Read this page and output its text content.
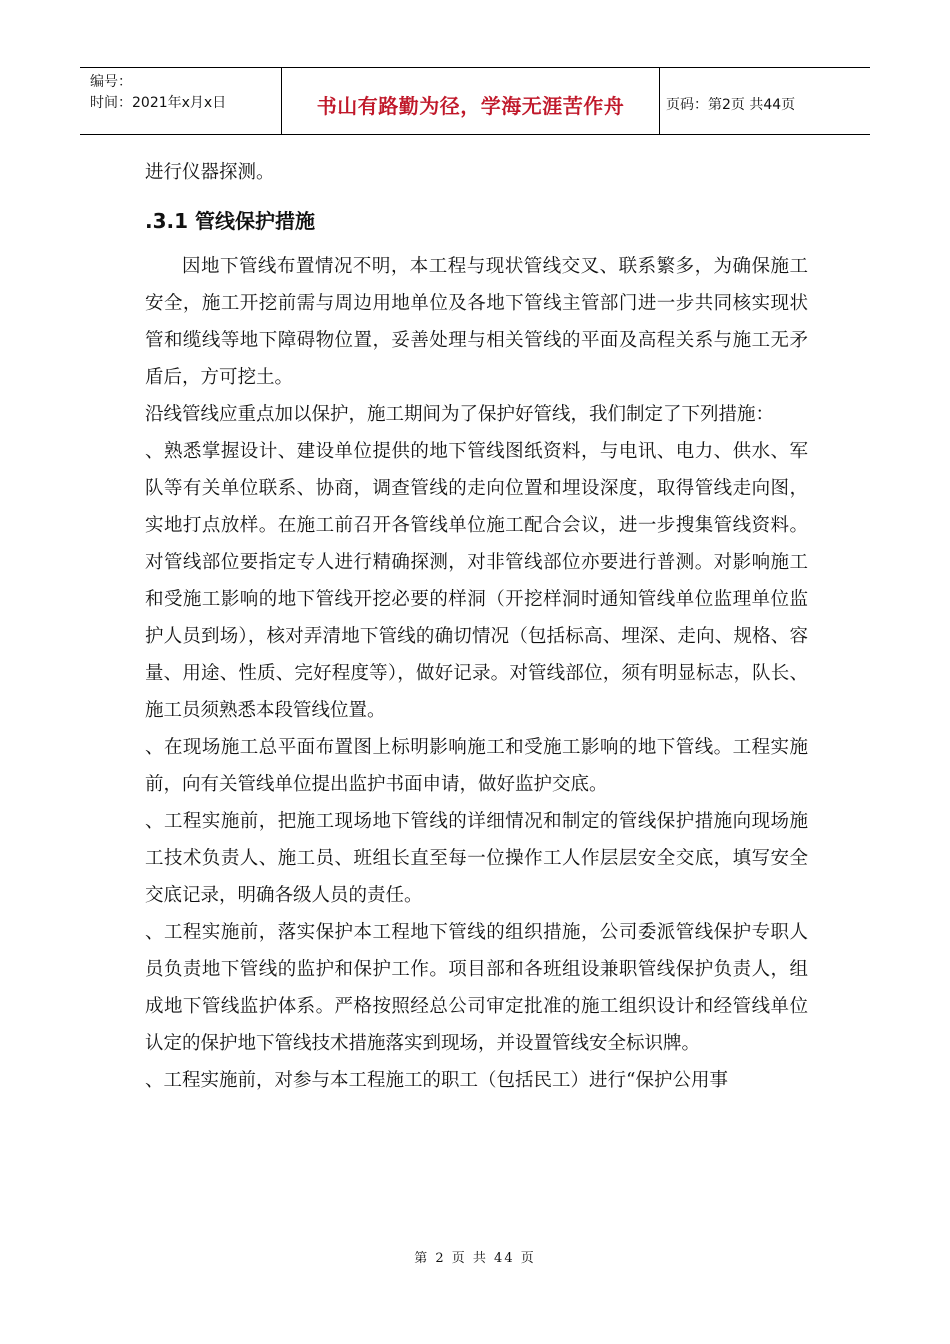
编号：
时间：2021年x月x日	书山有路勤为径，学海无涯苦作舟	页码：第2页 共44页

进行仪器探测。

.3.1 管线保护措施

因地下管线布置情况不明，本工程与现状管线交叉、联系繁多，为确保施工安全，施工开挖前需与周边用地单位及各地下管线主管部门进一步共同核实现状管和缆线等地下障碍物位置，妥善处理与相关管线的平面及高程关系与施工无矛盾后，方可挖土。

沿线管线应重点加以保护，施工期间为了保护好管线，我们制定了下列措施：

、熟悉掌握设计、建设单位提供的地下管线图纸资料，与电讯、电力、供水、军队等有关单位联系、协商，调查管线的走向位置和埋设深度，取得管线走向图，实地打点放样。在施工前召开各管线单位施工配合会议，进一步搜集管线资料。对管线部位要指定专人进行精确探测，对非管线部位亦要进行普测。对影响施工和受施工影响的地下管线开挖必要的样洞（开挖样洞时通知管线单位监理单位监护人员到场），核对弄清地下管线的确切情况（包括标高、埋深、走向、规格、容量、用途、性质、完好程度等），做好记录。对管线部位，须有明显标志，队长、施工员须熟悉本段管线位置。

、在现场施工总平面布置图上标明影响施工和受施工影响的地下管线。工程实施前，向有关管线单位提出监护书面申请，做好监护交底。

、工程实施前，把施工现场地下管线的详细情况和制定的管线保护措施向现场施工技术负责人、施工员、班组长直至每一位操作工人作层层安全交底，填写安全交底记录，明确各级人员的责任。

、工程实施前，落实保护本工程地下管线的组织措施，公司委派管线保护专职人员负责地下管线的监护和保护工作。项目部和各班组设兼职管线保护负责人，组成地下管线监护体系。严格按照经总公司审定批准的施工组织设计和经管线单位认定的保护地下管线技术措施落实到现场，并设置管线安全标识牌。

、工程实施前，对参与本工程施工的职工（包括民工）进行“保护公用事

第 2 页 共 44 页
